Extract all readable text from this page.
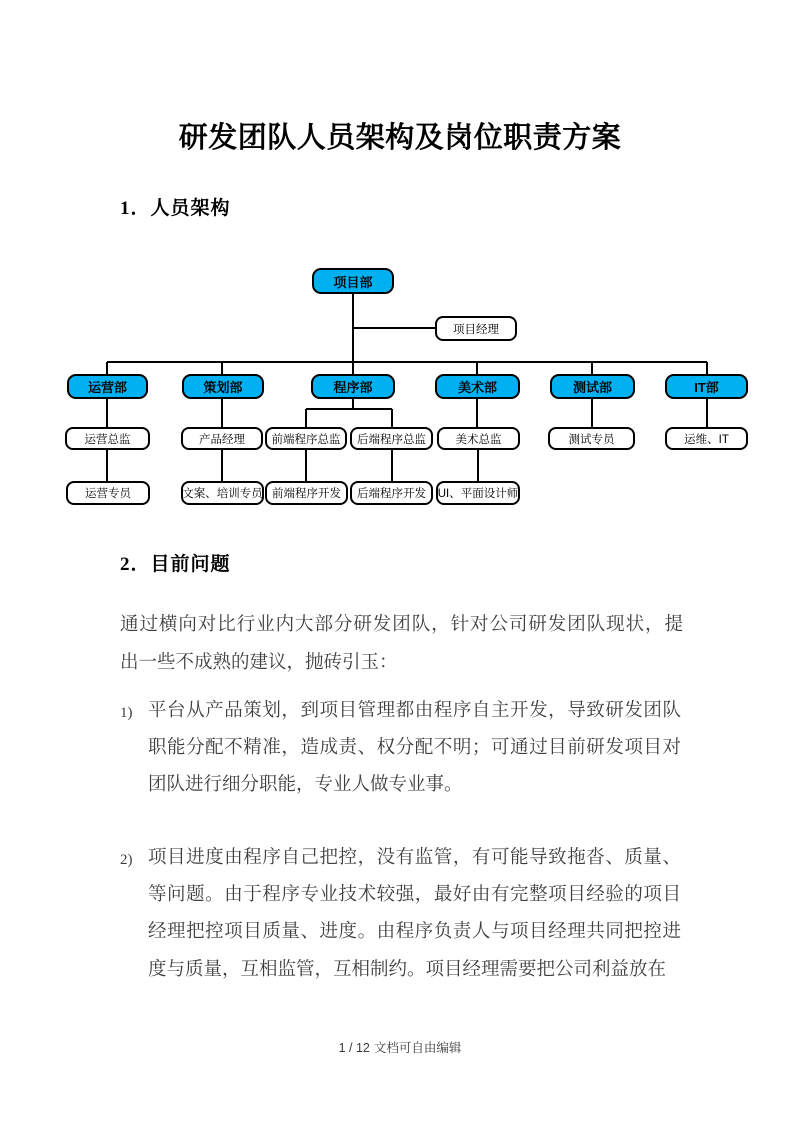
研发团队人员架构及岗位职责方案
1．人员架构
项目部
项目经理
运营部	策划部	程序部	美术部	测试部	IT部
运营总监	产品经理	前端程序总监	后端程序总监	美术总监	测试专员	运维、IT
运营专员	文案、培训专员 前端程序开发	后端程序开发	UI、平面设计师
2．目前问题
通过横向对比行业内大部分研发团队，针对公司研发团队现状，提
出一些不成熟的建议，抛砖引玉：
1) 平台从产品策划，到项目管理都由程序自主开发，导致研发团队
职能分配不精准，造成责、权分配不明；可通过目前研发项目对
团队进行细分职能，专业人做专业事。
2) 项目进度由程序自己把控，没有监管，有可能导致拖沓、质量、
等问题。由于程序专业技术较强，最好由有完整项目经验的项目
经理把控项目质量、进度。由程序负责人与项目经理共同把控进
度与质量，互相监管，互相制约。项目经理需要把公司利益放在
1 / 12 文档可自由编辑
